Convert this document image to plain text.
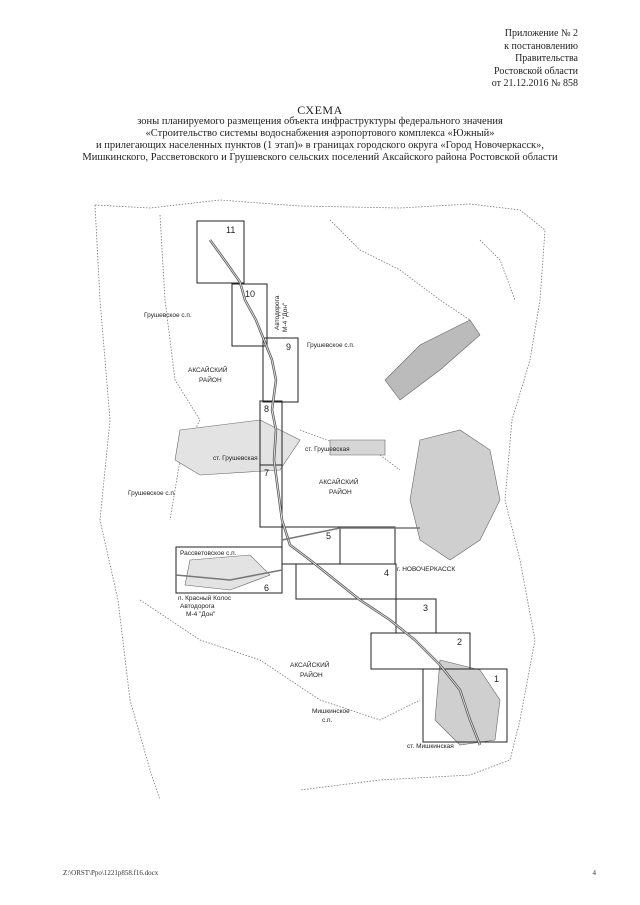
Приложение № 2
к постановлению
Правительства
Ростовской области
от 21.12.2016 № 858
СХЕМА
зоны планируемого размещения объекта инфраструктуры федерального значения
«Строительство системы водоснабжения аэропортового комплекса «Южный»
и прилегающих населенных пунктов (1 этап)» в границах городского округа «Город Новочеркасск»,
Мишкинского, Рассветовского и Грушевского сельских поселений Аксайского района Ростовской области
11
10
9
8
7
5
4
6
3
2
1
Грушевское с.п.
Грушевское с.п.
Грушевское с.п.
АКСАЙСКИЙ
РАЙОН
АКСАЙСКИЙ
РАЙОН
АКСАЙСКИЙ
РАЙОН
ст. Грушевская
ст. Грушевская
Рассветовское с.п.
п. Красный Колос
г. НОВОЧЕРКАССК
Мишкинское
с.п.
ст. Мишкинская
Автодорога М-4 "Дон"
Автодорога
М-4 "Дон"
Z:\ORST\Ppo\1221p858.f16.docx	4
